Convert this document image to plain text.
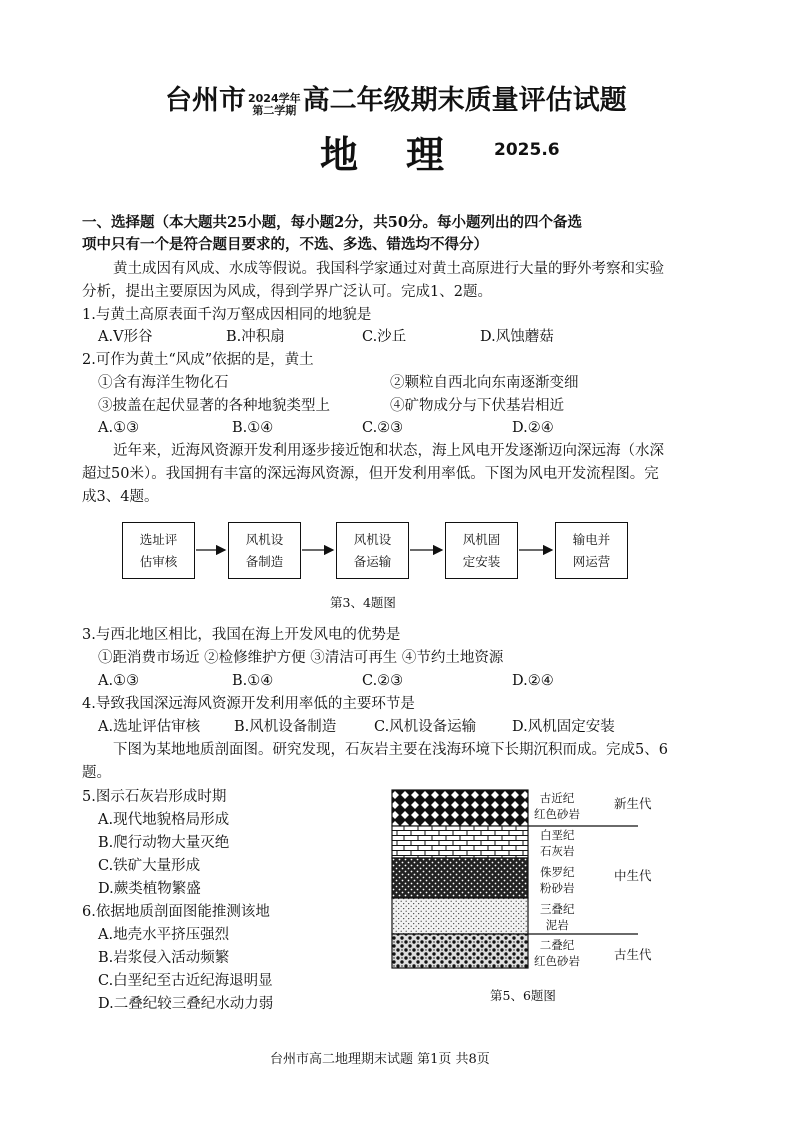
台州市 2024学年
第二学期 高二年级期末质量评估试题
地理 2025.6
一、选择题（本大题共25小题，每小题2分，共50分。每小题列出的四个备选
项中只有一个是符合题目要求的，不选、多选、错选均不得分）
黄土成因有风成、水成等假说。我国科学家通过对黄土高原进行大量的野外考察和实验
分析，提出主要原因为风成，得到学界广泛认可。完成1、2题。
1.与黄土高原表面千沟万壑成因相同的地貌是
A.V形谷	B.冲积扇	C.沙丘	D.风蚀蘑菇
2.可作为黄土“风成”依据的是，黄土
①含有海洋生物化石	②颗粒自西北向东南逐渐变细
③披盖在起伏显著的各种地貌类型上	④矿物成分与下伏基岩相近
A.①③	B.①④	C.②③	D.②④
近年来，近海风资源开发利用逐步接近饱和状态，海上风电开发逐渐迈向深远海（水深
超过50米）。我国拥有丰富的深远海风资源，但开发利用率低。下图为风电开发流程图。完
成3、4题。
选址评
估审核
风机设
备制造
风机设
备运输
风机固
定安装
输电并
网运营
第3、4题图
3.与西北地区相比，我国在海上开发风电的优势是
①距消费市场近 ②检修维护方便 ③清洁可再生 ④节约土地资源
A.①③	B.①④	C.②③	D.②④
4.导致我国深远海风资源开发利用率低的主要环节是
A.选址评估审核 B.风机设备制造	C.风机设备运输 D.风机固定安装
下图为某地地质剖面图。研究发现，石灰岩主要在浅海环境下长期沉积而成。完成5、6
题。
5.图示石灰岩形成时期
A.现代地貌格局形成
B.爬行动物大量灭绝
C.铁矿大量形成
D.蕨类植物繁盛
6.依据地质剖面图能推测该地
A.地壳水平挤压强烈
B.岩浆侵入活动频繁
C.白垩纪至古近纪海退明显
D.二叠纪较三叠纪水动力弱
古近纪
红色砂岩
白垩纪
石灰岩
侏罗纪
粉砂岩
三叠纪
泥岩
二叠纪
红色砂岩
新生代
中生代
古生代
第5、6题图
台州市高二地理期末试题 第1页 共8页
